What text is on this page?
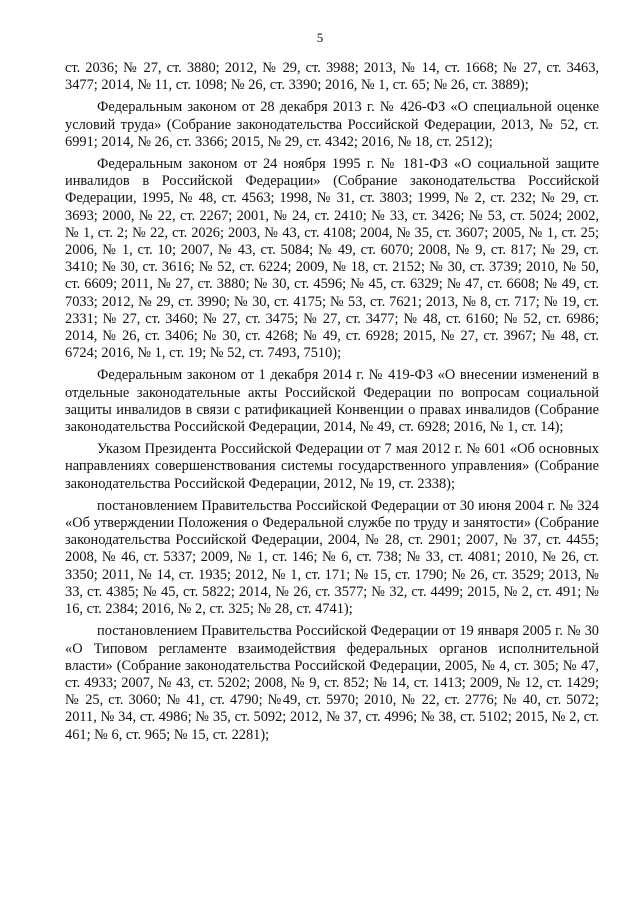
5

ст. 2036; № 27, ст. 3880; 2012, № 29, ст. 3988; 2013, № 14, ст. 1668; № 27, ст. 3463, 3477; 2014, № 11, ст. 1098; № 26, ст. 3390; 2016, № 1, ст. 65; № 26, ст. 3889);

Федеральным законом от 28 декабря 2013 г. № 426-ФЗ «О специальной оценке условий труда» (Собрание законодательства Российской Федерации, 2013, № 52, ст. 6991; 2014, № 26, ст. 3366; 2015, № 29, ст. 4342; 2016, № 18, ст. 2512);

Федеральным законом от 24 ноября 1995 г. № 181-ФЗ «О социальной защите инвалидов в Российской Федерации» (Собрание законодательства Российской Федерации, 1995, № 48, ст. 4563; 1998, № 31, ст. 3803; 1999, № 2, ст. 232; № 29, ст. 3693; 2000, № 22, ст. 2267; 2001, № 24, ст. 2410; № 33, ст. 3426; № 53, ст. 5024; 2002, № 1, ст. 2; № 22, ст. 2026; 2003, № 43, ст. 4108; 2004, № 35, ст. 3607; 2005, № 1, ст. 25; 2006, № 1, ст. 10; 2007, № 43, ст. 5084; № 49, ст. 6070; 2008, № 9, ст. 817; № 29, ст. 3410; № 30, ст. 3616; № 52, ст. 6224; 2009, № 18, ст. 2152; № 30, ст. 3739; 2010, № 50, ст. 6609; 2011, № 27, ст. 3880; № 30, ст. 4596; № 45, ст. 6329; № 47, ст. 6608; № 49, ст. 7033; 2012, № 29, ст. 3990; № 30, ст. 4175; № 53, ст. 7621; 2013, № 8, ст. 717; № 19, ст. 2331; № 27, ст. 3460; № 27, ст. 3475; № 27, ст. 3477; № 48, ст. 6160; № 52, ст. 6986; 2014, № 26, ст. 3406; № 30, ст. 4268; № 49, ст. 6928; 2015, № 27, ст. 3967; № 48, ст. 6724; 2016, № 1, ст. 19; № 52, ст. 7493, 7510);

Федеральным законом от 1 декабря 2014 г. № 419-ФЗ «О внесении изменений в отдельные законодательные акты Российской Федерации по вопросам социальной защиты инвалидов в связи с ратификацией Конвенции о правах инвалидов (Собрание законодательства Российской Федерации, 2014, № 49, ст. 6928; 2016, № 1, ст. 14);

Указом Президента Российской Федерации от 7 мая 2012 г. № 601 «Об основных направлениях совершенствования системы государственного управления» (Собрание законодательства Российской Федерации, 2012, № 19, ст. 2338);

постановлением Правительства Российской Федерации от 30 июня 2004 г. № 324 «Об утверждении Положения о Федеральной службе по труду и занятости» (Собрание законодательства Российской Федерации, 2004, № 28, ст. 2901; 2007, № 37, ст. 4455; 2008, № 46, ст. 5337; 2009, № 1, ст. 146; № 6, ст. 738; № 33, ст. 4081; 2010, № 26, ст. 3350; 2011, № 14, ст. 1935; 2012, № 1, ст. 171; № 15, ст. 1790; № 26, ст. 3529; 2013, № 33, ст. 4385; № 45, ст. 5822; 2014, № 26, ст. 3577; № 32, ст. 4499; 2015, № 2, ст. 491; № 16, ст. 2384; 2016, № 2, ст. 325; № 28, ст. 4741);

постановлением Правительства Российской Федерации от 19 января 2005 г. № 30 «О Типовом регламенте взаимодействия федеральных органов исполнительной власти» (Собрание законодательства Российской Федерации, 2005, № 4, ст. 305; № 47, ст. 4933; 2007, № 43, ст. 5202; 2008, № 9, ст. 852; № 14, ст. 1413; 2009, № 12, ст. 1429; № 25, ст. 3060; № 41, ст. 4790; №49, ст. 5970; 2010, № 22, ст. 2776; № 40, ст. 5072; 2011, № 34, ст. 4986; № 35, ст. 5092; 2012, № 37, ст. 4996; № 38, ст. 5102; 2015, № 2, ст. 461; № 6, ст. 965; № 15, ст. 2281);
